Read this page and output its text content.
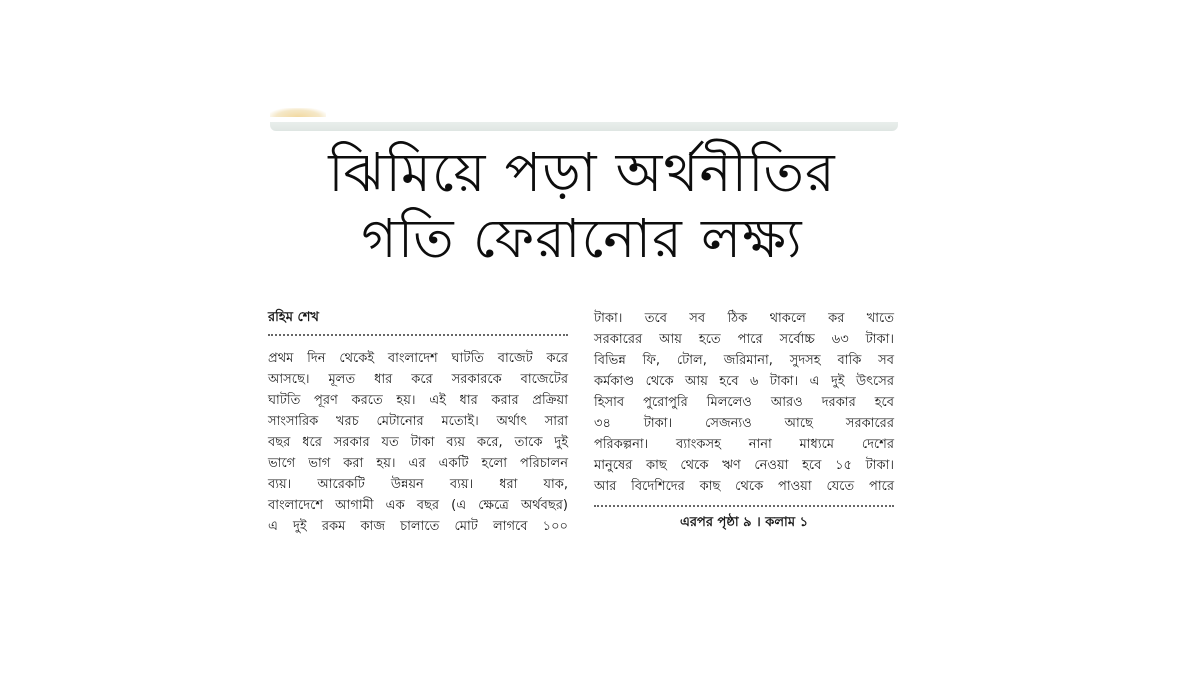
ঝিমিয়ে পড়া অর্থনীতির
গতি ফেরানোর লক্ষ্য
রহিম শেখ

প্রথম দিন থেকেই বাংলাদেশ ঘাটতি বাজেট করে

আসছে। মূলত ধার করে সরকারকে বাজেটের

ঘাটতি পূরণ করতে হয়। এই ধার করার প্রক্রিয়া

সাংসারিক খরচ মেটানোর মতোই। অর্থাৎ সারা

বছর ধরে সরকার যত টাকা ব্যয় করে, তাকে দুই

ভাগে ভাগ করা হয়। এর একটি হলো পরিচালন

ব্যয়। আরেকটি উন্নয়ন ব্যয়। ধরা যাক,

বাংলাদেশে আগামী এক বছর (এ ক্ষেত্রে অর্থবছর)

এ দুই রকম কাজ চালাতে মোট লাগবে ১০০

টাকা। তবে সব ঠিক থাকলে কর খাতে

সরকারের আয় হতে পারে সর্বোচ্চ ৬৩ টাকা।

বিভিন্ন ফি, টোল, জরিমানা, সুদসহ বাকি সব

কর্মকাণ্ড থেকে আয় হবে ৬ টাকা। এ দুই উৎসের

হিসাব পুরোপুরি মিললেও আরও দরকার হবে

৩৪ টাকা। সেজন্যও আছে সরকারের

পরিকল্পনা। ব্যাংকসহ নানা মাধ্যমে দেশের

মানুষের কাছ থেকে ঋণ নেওয়া হবে ১৫ টাকা।

আর বিদেশিদের কাছ থেকে পাওয়া যেতে পারে

এরপর পৃষ্ঠা ৯ । কলাম ১
